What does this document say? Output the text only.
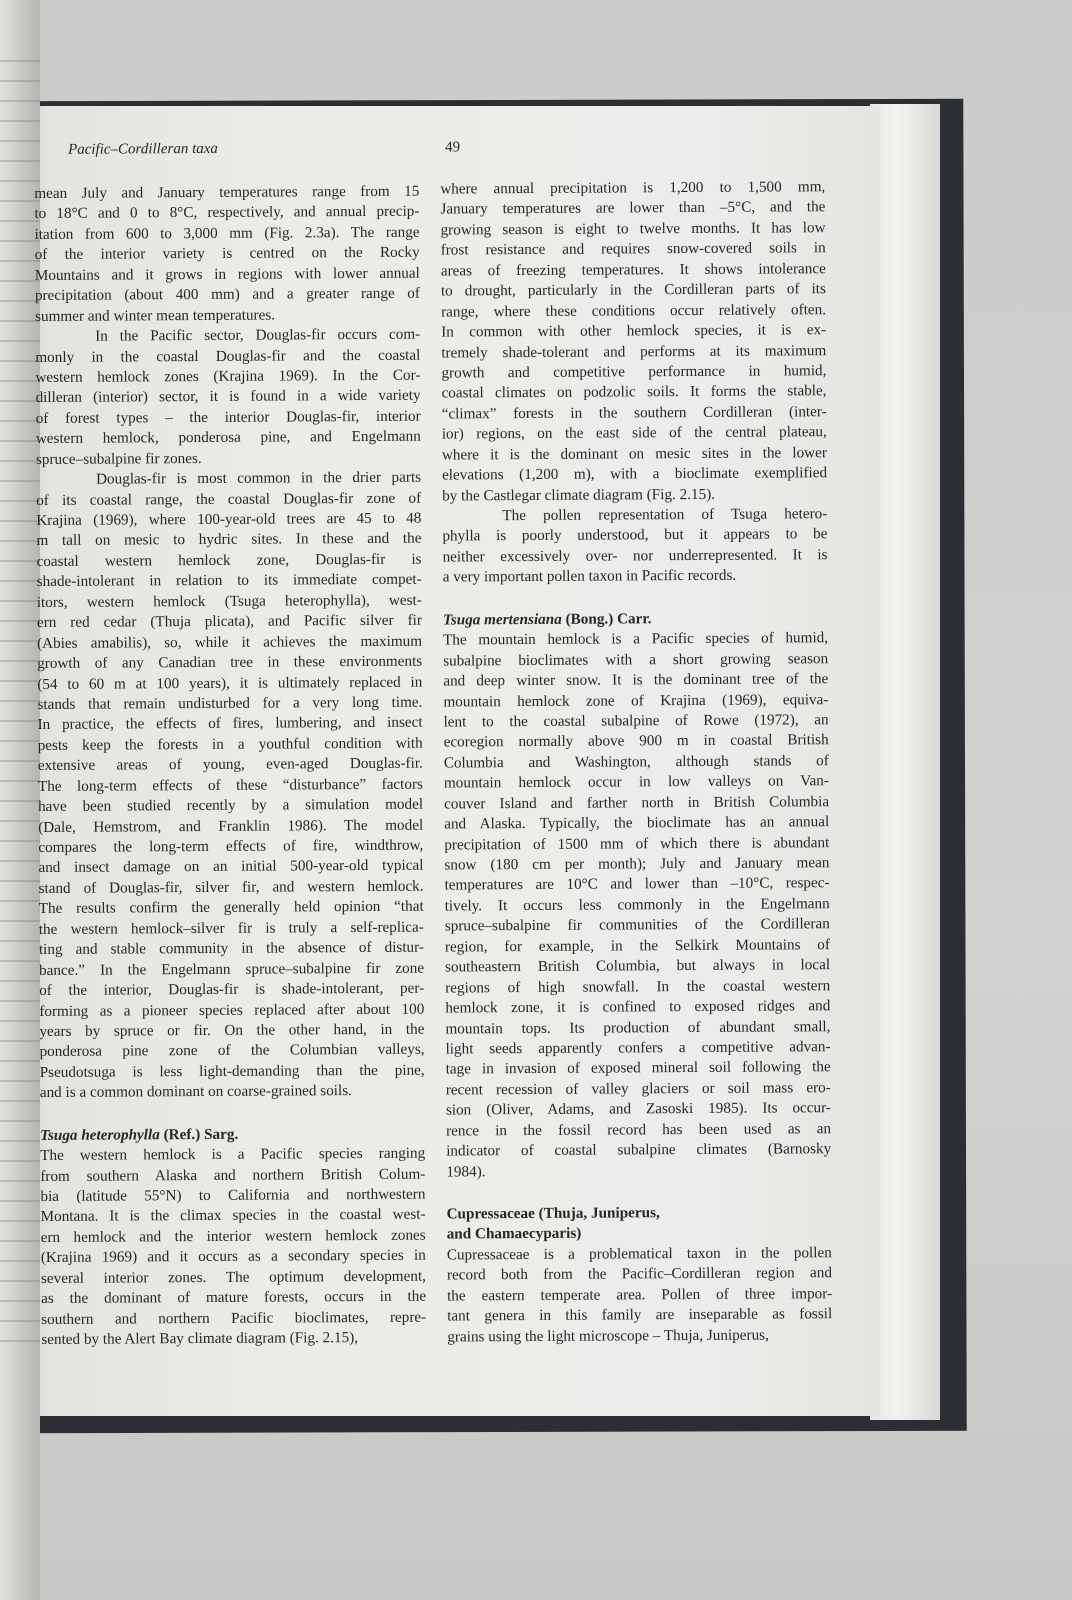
Pacific–Cordilleran taxa	49
mean July and January temperatures range from 15
to 18°C and 0 to 8°C, respectively, and annual precip-
itation from 600 to 3,000 mm (Fig. 2.3a). The range
of the interior variety is centred on the Rocky
Mountains and it grows in regions with lower annual
precipitation (about 400 mm) and a greater range of
summer and winter mean temperatures.
In the Pacific sector, Douglas-fir occurs com-
monly in the coastal Douglas-fir and the coastal
western hemlock zones (Krajina 1969). In the Cor-
dilleran (interior) sector, it is found in a wide variety
of forest types – the interior Douglas-fir, interior
western hemlock, ponderosa pine, and Engelmann
spruce–subalpine fir zones.
Douglas-fir is most common in the drier parts
of its coastal range, the coastal Douglas-fir zone of
Krajina (1969), where 100-year-old trees are 45 to 48
m tall on mesic to hydric sites. In these and the
coastal western hemlock zone, Douglas-fir is
shade-intolerant in relation to its immediate compet-
itors, western hemlock (Tsuga heterophylla), west-
ern red cedar (Thuja plicata), and Pacific silver fir
(Abies amabilis), so, while it achieves the maximum
growth of any Canadian tree in these environments
(54 to 60 m at 100 years), it is ultimately replaced in
stands that remain undisturbed for a very long time.
In practice, the effects of fires, lumbering, and insect
pests keep the forests in a youthful condition with
extensive areas of young, even-aged Douglas-fir.
The long-term effects of these “disturbance” factors
have been studied recently by a simulation model
(Dale, Hemstrom, and Franklin 1986). The model
compares the long-term effects of fire, windthrow,
and insect damage on an initial 500-year-old typical
stand of Douglas-fir, silver fir, and western hemlock.
The results confirm the generally held opinion “that
the western hemlock–silver fir is truly a self-replica-
ting and stable community in the absence of distur-
bance.” In the Engelmann spruce–subalpine fir zone
of the interior, Douglas-fir is shade-intolerant, per-
forming as a pioneer species replaced after about 100
years by spruce or fir. On the other hand, in the
ponderosa pine zone of the Columbian valleys,
Pseudotsuga is less light-demanding than the pine,
and is a common dominant on coarse-grained soils.
Tsuga heterophylla (Ref.) Sarg.
The western hemlock is a Pacific species ranging
from southern Alaska and northern British Colum-
bia (latitude 55°N) to California and northwestern
Montana. It is the climax species in the coastal west-
ern hemlock and the interior western hemlock zones
(Krajina 1969) and it occurs as a secondary species in
several interior zones. The optimum development,
as the dominant of mature forests, occurs in the
southern and northern Pacific bioclimates, repre-
sented by the Alert Bay climate diagram (Fig. 2.15),
where annual precipitation is 1,200 to 1,500 mm,
January temperatures are lower than –5°C, and the
growing season is eight to twelve months. It has low
frost resistance and requires snow-covered soils in
areas of freezing temperatures. It shows intolerance
to drought, particularly in the Cordilleran parts of its
range, where these conditions occur relatively often.
In common with other hemlock species, it is ex-
tremely shade-tolerant and performs at its maximum
growth and competitive performance in humid,
coastal climates on podzolic soils. It forms the stable,
“climax” forests in the southern Cordilleran (inter-
ior) regions, on the east side of the central plateau,
where it is the dominant on mesic sites in the lower
elevations (1,200 m), with a bioclimate exemplified
by the Castlegar climate diagram (Fig. 2.15).
The pollen representation of Tsuga hetero-
phylla is poorly understood, but it appears to be
neither excessively over- nor underrepresented. It is
a very important pollen taxon in Pacific records.
Tsuga mertensiana (Bong.) Carr.
The mountain hemlock is a Pacific species of humid,
subalpine bioclimates with a short growing season
and deep winter snow. It is the dominant tree of the
mountain hemlock zone of Krajina (1969), equiva-
lent to the coastal subalpine of Rowe (1972), an
ecoregion normally above 900 m in coastal British
Columbia and Washington, although stands of
mountain hemlock occur in low valleys on Van-
couver Island and farther north in British Columbia
and Alaska. Typically, the bioclimate has an annual
precipitation of 1500 mm of which there is abundant
snow (180 cm per month); July and January mean
temperatures are 10°C and lower than –10°C, respec-
tively. It occurs less commonly in the Engelmann
spruce–subalpine fir communities of the Cordilleran
region, for example, in the Selkirk Mountains of
southeastern British Columbia, but always in local
regions of high snowfall. In the coastal western
hemlock zone, it is confined to exposed ridges and
mountain tops. Its production of abundant small,
light seeds apparently confers a competitive advan-
tage in invasion of exposed mineral soil following the
recent recession of valley glaciers or soil mass ero-
sion (Oliver, Adams, and Zasoski 1985). Its occur-
rence in the fossil record has been used as an
indicator of coastal subalpine climates (Barnosky
1984).
Cupressaceae (Thuja, Juniperus,
and Chamaecyparis)
Cupressaceae is a problematical taxon in the pollen
record both from the Pacific–Cordilleran region and
the eastern temperate area. Pollen of three impor-
tant genera in this family are inseparable as fossil
grains using the light microscope – Thuja, Juniperus,
